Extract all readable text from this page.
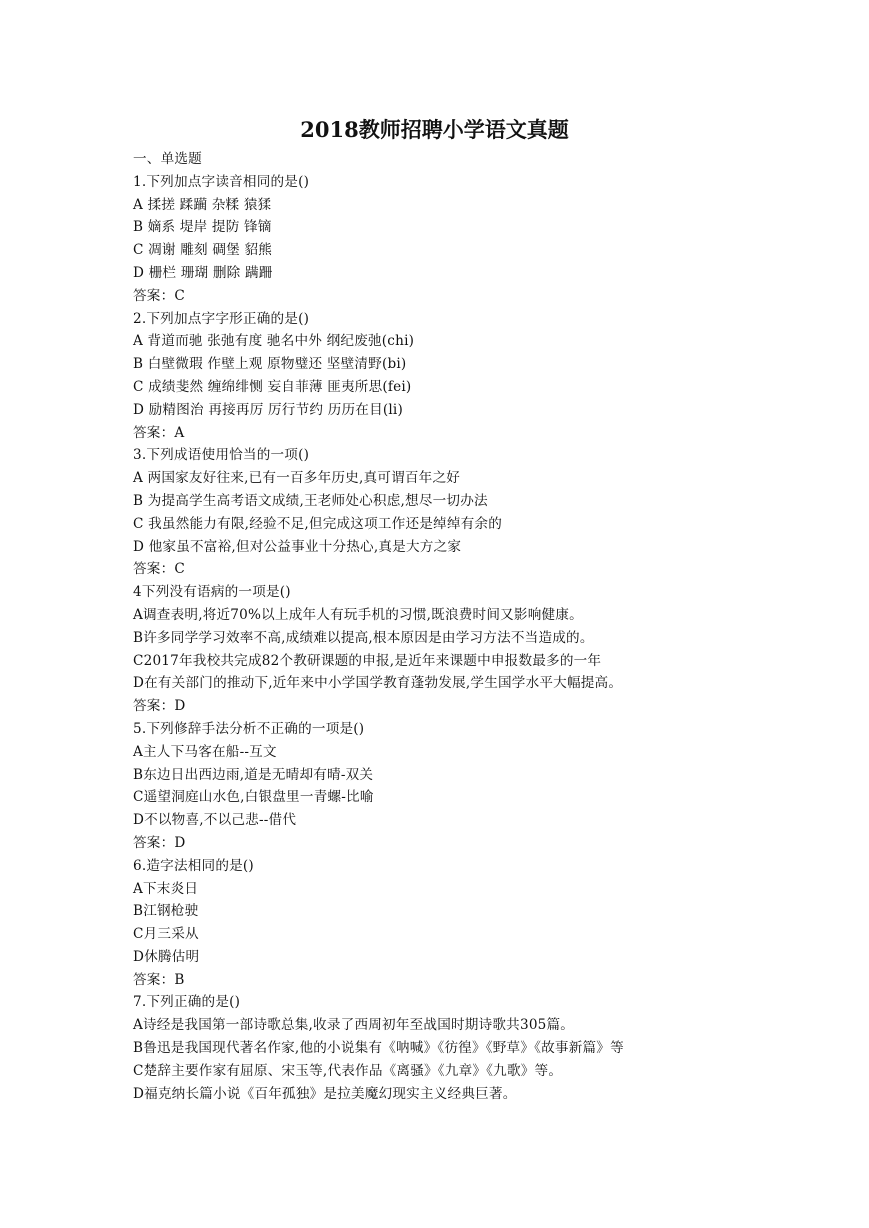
2018教师招聘小学语文真题
一、单选题
1.下列加点字读音相同的是()
A 揉搓 蹂躏 杂糅 猿猱
B 嫡系 堤岸 提防 锋镝
C 凋谢 雕刻 碉堡 貂熊
D 栅栏 珊瑚 删除 蹒跚
答案：C
2.下列加点字字形正确的是()
A 背道而驰 张弛有度 驰名中外 纲纪废弛(chi)
B 白壁微瑕 作壁上观 原物璧还 坚壁清野(bi)
C 成绩斐然 缠绵绯恻 妄自菲薄 匪夷所思(fei)
D 励精图治 再接再厉 厉行节约 历历在目(li)
答案：A
3.下列成语使用恰当的一项()
A 两国家友好往来,已有一百多年历史,真可谓百年之好
B 为提高学生高考语文成绩,王老师处心积虑,想尽一切办法
C 我虽然能力有限,经验不足,但完成这项工作还是绰绰有余的
D 他家虽不富裕,但对公益事业十分热心,真是大方之家
答案：C
4下列没有语病的一项是()
A调查表明,将近70%以上成年人有玩手机的习惯,既浪费时间又影响健康。
B许多同学学习效率不高,成绩难以提高,根本原因是由学习方法不当造成的。
C2017年我校共完成82个教研课题的申报,是近年来课题中申报数最多的一年
D在有关部门的推动下,近年来中小学国学教育蓬勃发展,学生国学水平大幅提高。
答案：D
5.下列修辞手法分析不正确的一项是()
A主人下马客在船--互文
B东边日出西边雨,道是无晴却有晴-双关
C遥望洞庭山水色,白银盘里一青螺-比喻
D不以物喜,不以己悲--借代
答案：D
6.造字法相同的是()
A下末炎日
B江钢枪驶
C月三采从
D休腾估明
答案：B
7.下列正确的是()
A诗经是我国第一部诗歌总集,收录了西周初年至战国时期诗歌共305篇。
B鲁迅是我国现代著名作家,他的小说集有《呐喊》《彷徨》《野草》《故事新篇》等
C楚辞主要作家有屈原、宋玉等,代表作品《离骚》《九章》《九歌》等。
D福克纳长篇小说《百年孤独》是拉美魔幻现实主义经典巨著。
